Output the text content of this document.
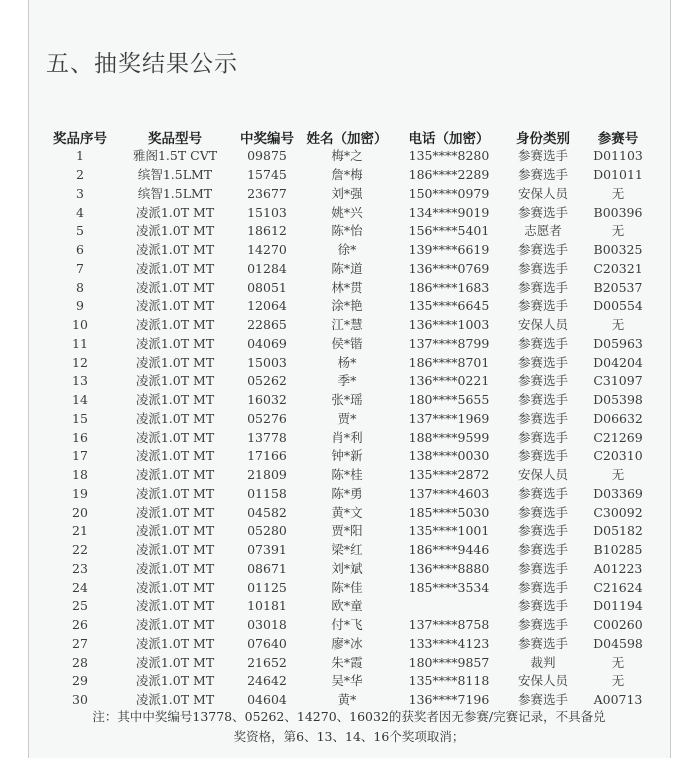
五、抽奖结果公示
奖品序号	奖品型号	中奖编号	姓名（加密）	电话（加密）	身份类别	参赛号
1	雅阁1.5T CVT	09875	梅*之	135****8280	参赛选手	D01103
2	缤智1.5LMT	15745	詹*梅	186****2289	参赛选手	D01011
3	缤智1.5LMT	23677	刘*强	150****0979	安保人员	无
4	凌派1.0T MT	15103	姚*兴	134****9019	参赛选手	B00396
5	凌派1.0T MT	18612	陈*怡	156****5401	志愿者	无
6	凌派1.0T MT	14270	徐*	139****6619	参赛选手	B00325
7	凌派1.0T MT	01284	陈*道	136****0769	参赛选手	C20321
8	凌派1.0T MT	08051	林*贯	186****1683	参赛选手	B20537
9	凌派1.0T MT	12064	涂*艳	135****6645	参赛选手	D00554
10	凌派1.0T MT	22865	江*慧	136****1003	安保人员	无
11	凌派1.0T MT	04069	侯*锴	137****8799	参赛选手	D05963
12	凌派1.0T MT	15003	杨*	186****8701	参赛选手	D04204
13	凌派1.0T MT	05262	季*	136****0221	参赛选手	C31097
14	凌派1.0T MT	16032	张*瑶	180****5655	参赛选手	D05398
15	凌派1.0T MT	05276	贾*	137****1969	参赛选手	D06632
16	凌派1.0T MT	13778	肖*利	188****9599	参赛选手	C21269
17	凌派1.0T MT	17166	钟*新	138****0030	参赛选手	C20310
18	凌派1.0T MT	21809	陈*桂	135****2872	安保人员	无
19	凌派1.0T MT	01158	陈*勇	137****4603	参赛选手	D03369
20	凌派1.0T MT	04582	黄*文	185****5030	参赛选手	C30092
21	凌派1.0T MT	05280	贾*阳	135****1001	参赛选手	D05182
22	凌派1.0T MT	07391	梁*红	186****9446	参赛选手	B10285
23	凌派1.0T MT	08671	刘*斌	136****8880	参赛选手	A01223
24	凌派1.0T MT	01125	陈*佳	185****3534	参赛选手	C21624
25	凌派1.0T MT	10181	欧*童		参赛选手	D01194
26	凌派1.0T MT	03018	付*飞	137****8758	参赛选手	C00260
27	凌派1.0T MT	07640	廖*冰	133****4123	参赛选手	D04598
28	凌派1.0T MT	21652	朱*霞	180****9857	裁判	无
29	凌派1.0T MT	24642	吴*华	135****8118	安保人员	无
30	凌派1.0T MT	04604	黄*	136****7196	参赛选手	A00713
注：其中中奖编号13778、05262、14270、16032的获奖者因无参赛/完赛记录，不具备兑
奖资格，第6、13、14、16个奖项取消；
